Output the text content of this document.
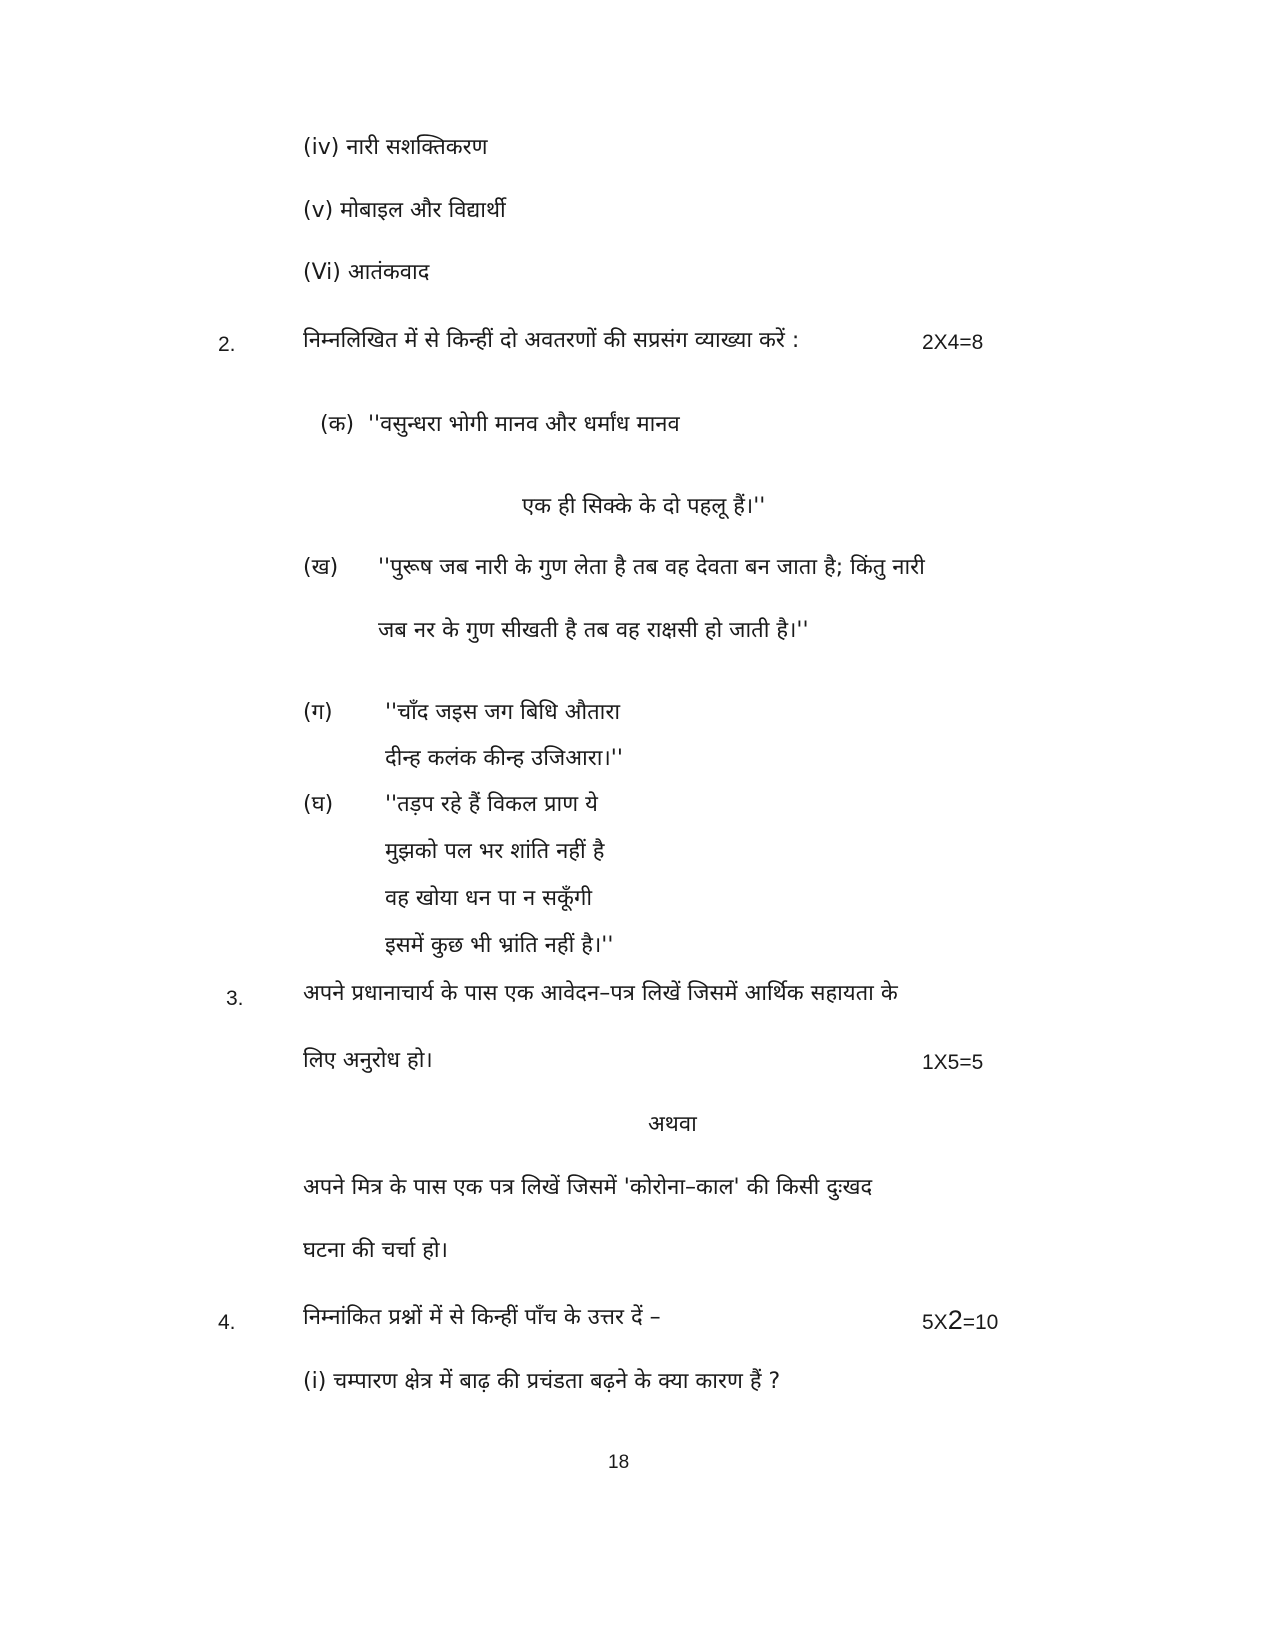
(iv) नारी सशक्तिकरण
(v) मोबाइल और विद्यार्थी
(Vi) आतंकवाद
2.	निम्नलिखित में से किन्हीं दो अवतरणों की सप्रसंग व्याख्या करें :	2X4=8
(क) ''वसुन्धरा भोगी मानव और धर्मांध मानव
एक ही सिक्के के दो पहलू हैं।''
(ख) ''पुरूष जब नारी के गुण लेता है तब वह देवता बन जाता है; किंतु नारी
जब नर के गुण सीखती है तब वह राक्षसी हो जाती है।''
(ग) ''चाँद जइस जग बिधि औतारा
दीन्ह कलंक कीन्ह उजिआरा।''
(घ) ''तड़प रहे हैं विकल प्राण ये
मुझको पल भर शांति नहीं है
वह खोया धन पा न सकूँगी
इसमें कुछ भी भ्रांति नहीं है।''
3.	अपने प्रधानाचार्य के पास एक आवेदन–पत्र लिखें जिसमें आर्थिक सहायता के
लिए अनुरोध हो।	1X5=5
अथवा
अपने मित्र के पास एक पत्र लिखें जिसमें 'कोरोना–काल' की किसी दुःखद
घटना की चर्चा हो।
4.	निम्नांकित प्रश्नों में से किन्हीं पाँच के उत्तर दें –	5X2=10
(i) चम्पारण क्षेत्र में बाढ़ की प्रचंडता बढ़ने के क्या कारण हैं ?
18
